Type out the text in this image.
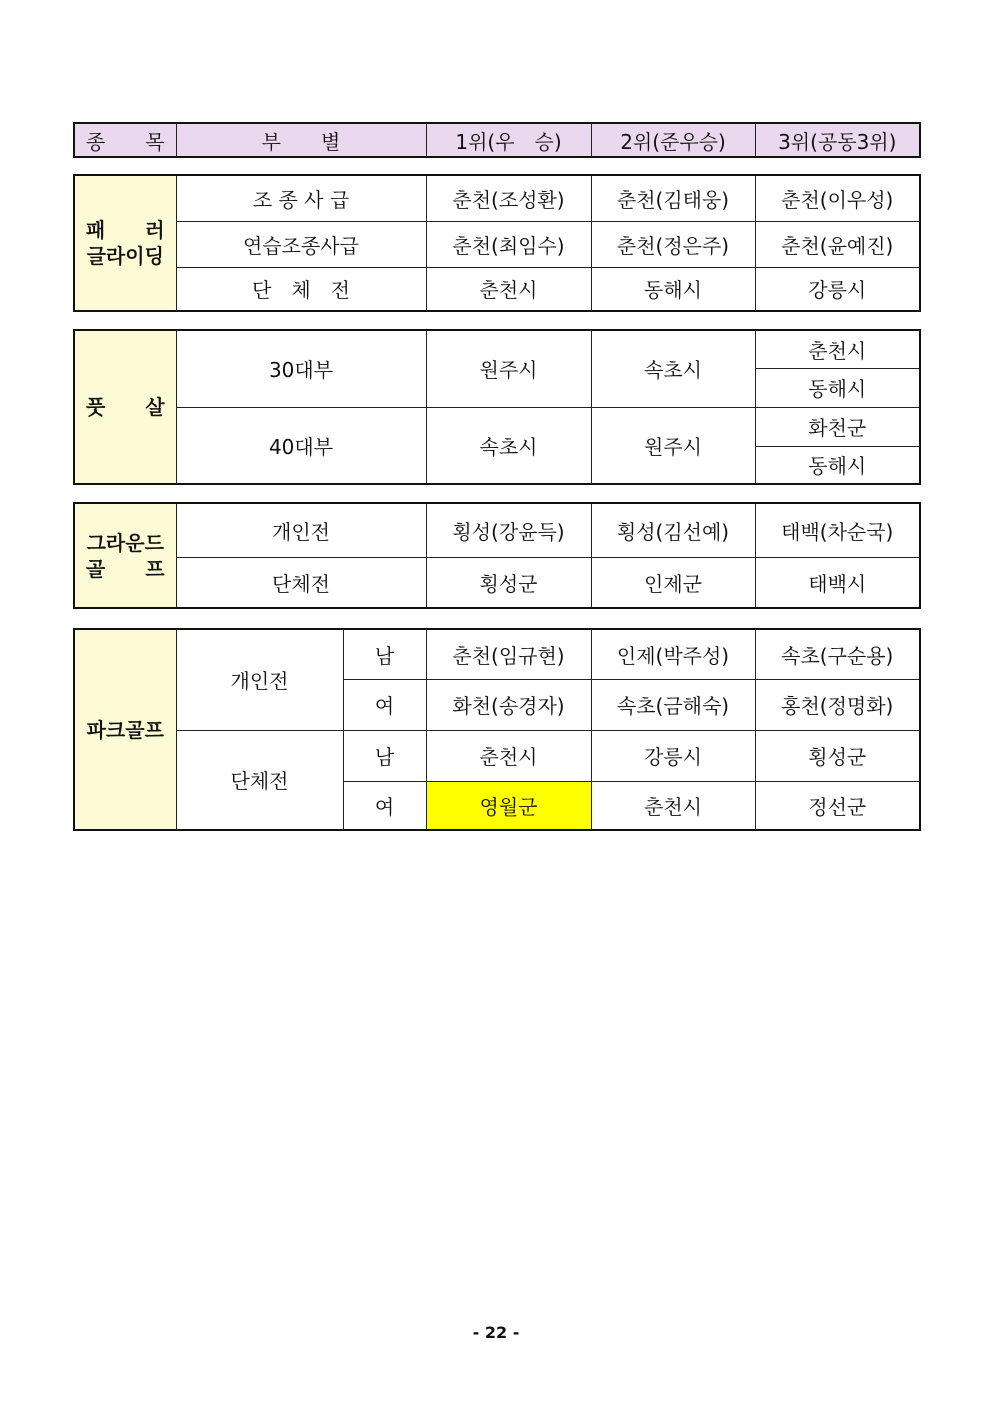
종　　목	부　　별	1위(우　승)	2위(준우승)	3위(공동3위)
패　　러
글라이딩	조 종 사 급	춘천(조성환)	춘천(김태웅)	춘천(이우성)
	연습조종사급	춘천(최임수)	춘천(정은주)	춘천(윤예진)
	단　체　전	춘천시	동해시	강릉시
풋　　살	30대부	원주시	속초시	춘천시
				동해시
	40대부	속초시	원주시	화천군
				동해시
그라운드
골　　프	개인전	횡성(강윤득)	횡성(김선예)	태백(차순국)
	단체전	횡성군	인제군	태백시
파크골프	개인전	남	춘천(임규현)	인제(박주성)	속초(구순용)
		여	화천(송경자)	속초(금해숙)	홍천(정명화)
	단체전	남	춘천시	강릉시	횡성군
		여	영월군	춘천시	정선군
- 22 -
